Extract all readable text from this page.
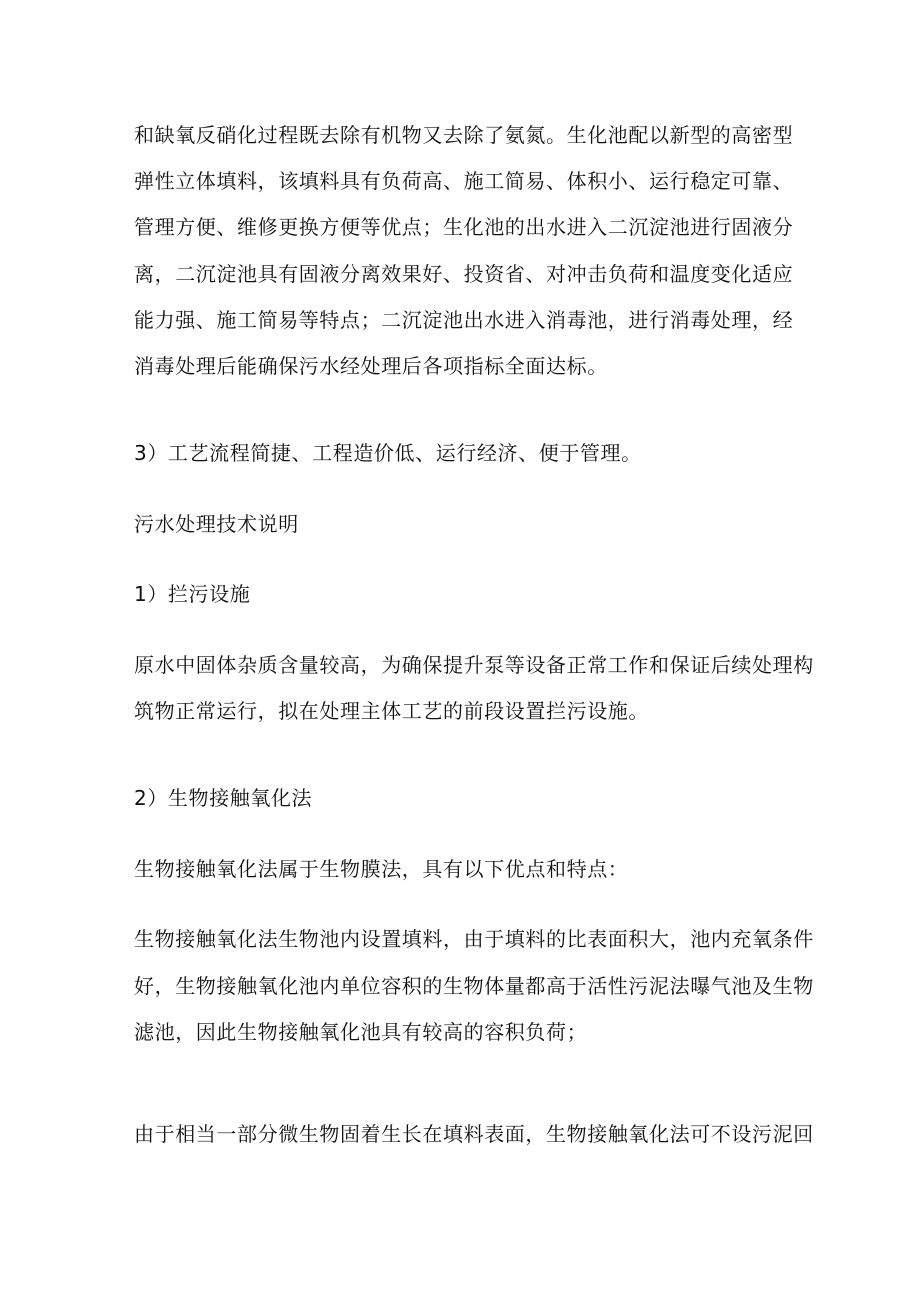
和缺氧反硝化过程既去除有机物又去除了氨氮。生化池配以新型的高密型
弹性立体填料，该填料具有负荷高、施工简易、体积小、运行稳定可靠、
管理方便、维修更换方便等优点；生化池的出水进入二沉淀池进行固液分
离，二沉淀池具有固液分离效果好、投资省、对冲击负荷和温度变化适应
能力强、施工简易等特点；二沉淀池出水进入消毒池，进行消毒处理，经
消毒处理后能确保污水经处理后各项指标全面达标。
3）工艺流程简捷、工程造价低、运行经济、便于管理。
污水处理技术说明
1）拦污设施
原水中固体杂质含量较高，为确保提升泵等设备正常工作和保证后续处理构
筑物正常运行，拟在处理主体工艺的前段设置拦污设施。
2）生物接触氧化法
生物接触氧化法属于生物膜法，具有以下优点和特点：
生物接触氧化法生物池内设置填料，由于填料的比表面积大，池内充氧条件
好，生物接触氧化池内单位容积的生物体量都高于活性污泥法曝气池及生物
滤池，因此生物接触氧化池具有较高的容积负荷；
由于相当一部分微生物固着生长在填料表面，生物接触氧化法可不设污泥回
